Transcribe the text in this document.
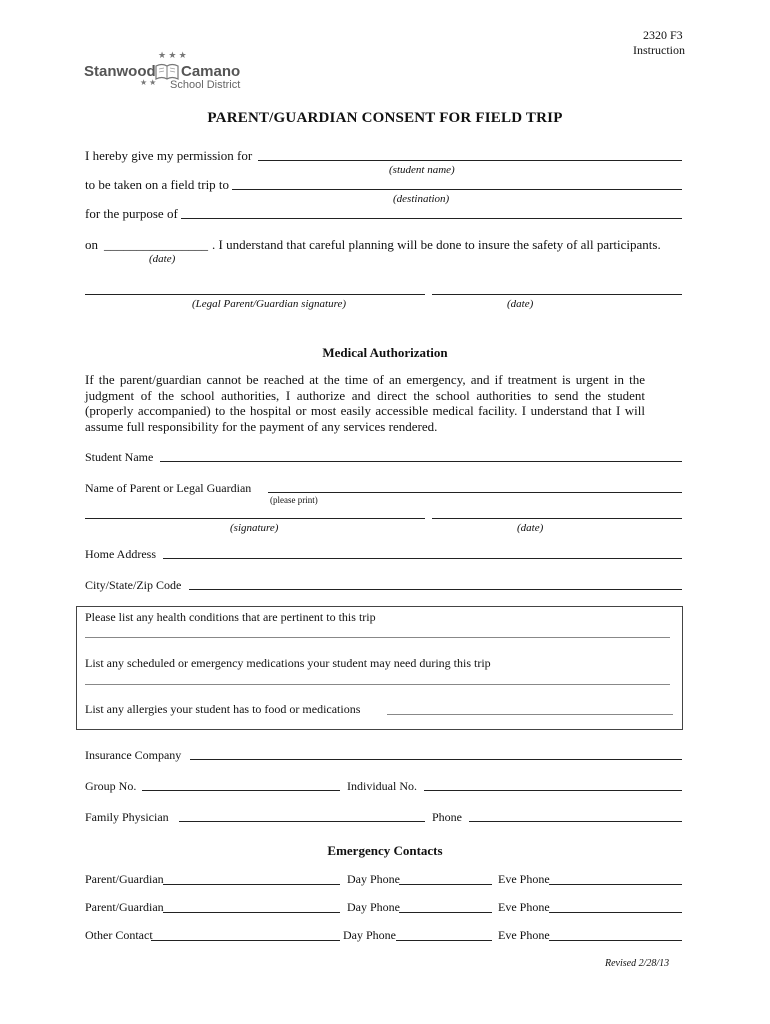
2320 F3
Instruction
Stanwood Camano
School District
★ ★ ★
★ ★
PARENT/GUARDIAN CONSENT FOR FIELD TRIP
I hereby give my permission for
(student name)
to be taken on a field trip to
(destination)
for the purpose of
on ________________ . I understand that careful planning will be done to insure the safety of all participants.
(date)
(Legal Parent/Guardian signature)	(date)
Medical Authorization
If the parent/guardian cannot be reached at the time of an emergency, and if treatment is urgent in the judgment of the school authorities, I authorize and direct the school authorities to send the student (properly accompanied) to the hospital or most easily accessible medical facility. I understand that I will assume full responsibility for the payment of any services rendered.
Student Name
Name of Parent or Legal Guardian
(please print)
(signature)	(date)
Home Address
City/State/Zip Code
Please list any health conditions that are pertinent to this trip
List any scheduled or emergency medications your student may need during this trip
List any allergies your student has to food or medications
Insurance Company
Group No.	Individual No.
Family Physician	Phone
Emergency Contacts
Parent/Guardian	Day Phone	Eve Phone
Parent/Guardian	Day Phone	Eve Phone
Other Contact	Day Phone	Eve Phone
Revised 2/28/13
